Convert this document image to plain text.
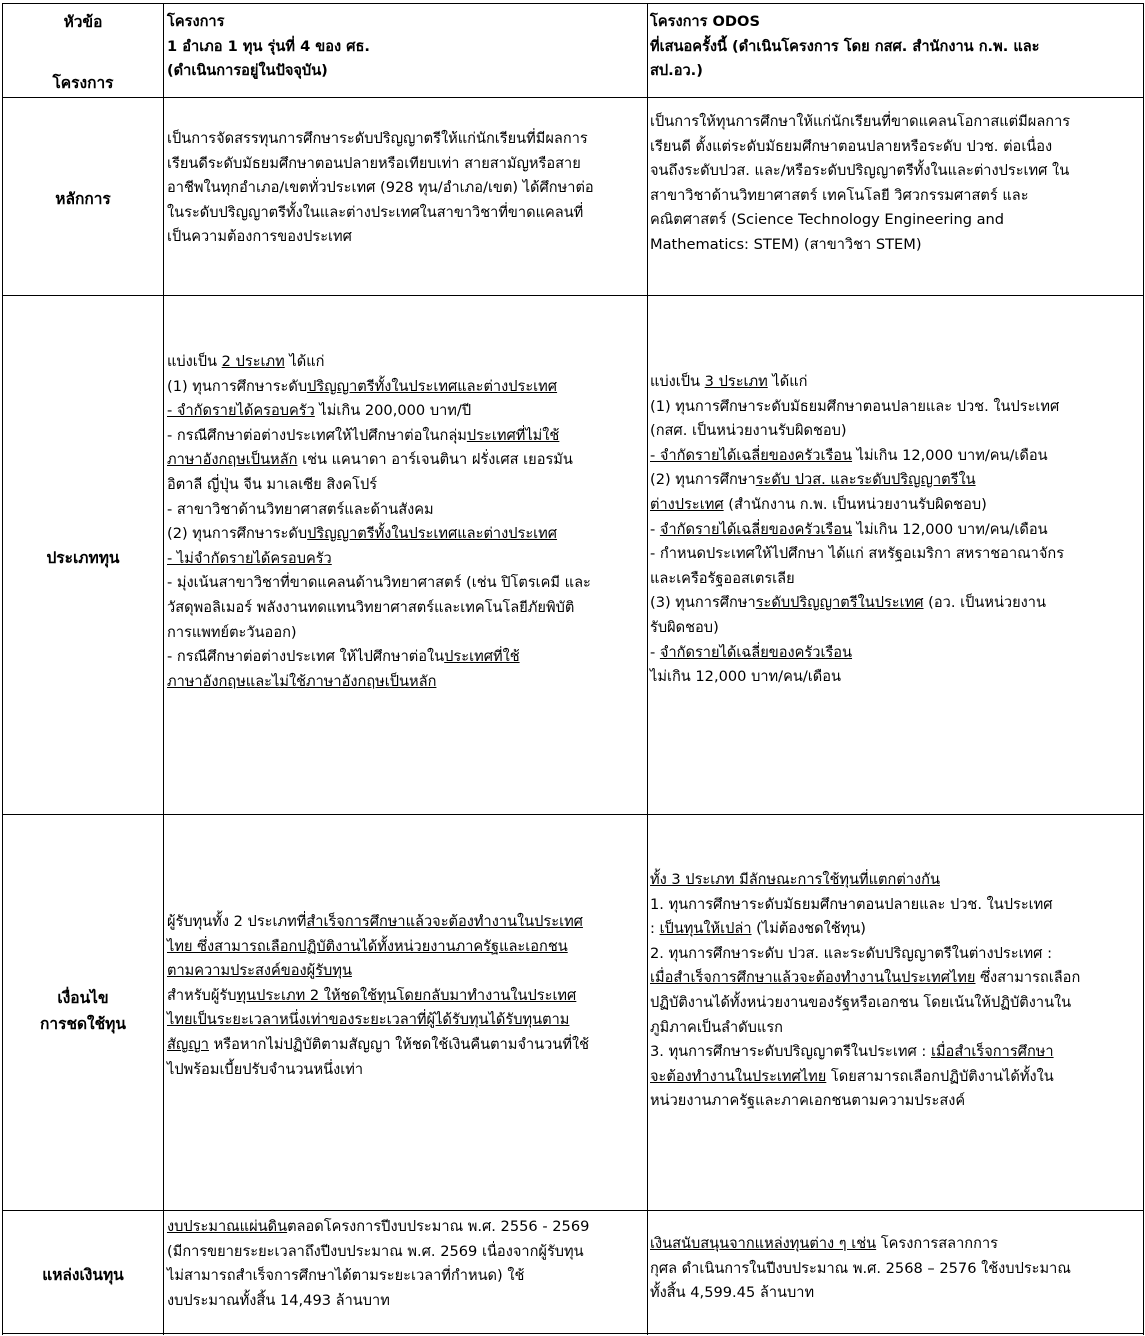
หัวข้อ
โครงการ
โครงการ
1 อำเภอ 1 ทุน รุ่นที่ 4 ของ ศธ.
(ดำเนินการอยู่ในปัจจุบัน)
โครงการ ODOS
ที่เสนอครั้งนี้ (ดำเนินโครงการ โดย กสศ. สำนักงาน ก.พ. และ
สป.อว.)
หลักการ
เป็นการจัดสรรทุนการศึกษาระดับปริญญาตรีให้แก่นักเรียนที่มีผลการ
เรียนดีระดับมัธยมศึกษาตอนปลายหรือเทียบเท่า สายสามัญหรือสาย
อาชีพในทุกอำเภอ/เขตทั่วประเทศ (928 ทุน/อำเภอ/เขต) ได้ศึกษาต่อ
ในระดับปริญญาตรีทั้งในและต่างประเทศในสาขาวิชาที่ขาดแคลนที่
เป็นความต้องการของประเทศ
เป็นการให้ทุนการศึกษาให้แก่นักเรียนที่ขาดแคลนโอกาสแต่มีผลการ
เรียนดี ตั้งแต่ระดับมัธยมศึกษาตอนปลายหรือระดับ ปวช. ต่อเนื่อง
จนถึงระดับปวส. และ/หรือระดับปริญญาตรีทั้งในและต่างประเทศ ใน
สาขาวิชาด้านวิทยาศาสตร์ เทคโนโลยี วิศวกรรมศาสตร์ และ
คณิตศาสตร์ (Science Technology Engineering and
Mathematics: STEM) (สาขาวิชา STEM)
ประเภททุน
แบ่งเป็น 2 ประเภท ได้แก่
(1) ทุนการศึกษาระดับปริญญาตรีทั้งในประเทศและต่างประเทศ
- จำกัดรายได้ครอบครัว ไม่เกิน 200,000 บาท/ปี
- กรณีศึกษาต่อต่างประเทศให้ไปศึกษาต่อในกลุ่มประเทศที่ไม่ใช้
ภาษาอังกฤษเป็นหลัก เช่น แคนาดา อาร์เจนตินา ฝรั่งเศส เยอรมัน
อิตาลี ญี่ปุ่น จีน มาเลเซีย สิงคโปร์
- สาขาวิชาด้านวิทยาศาสตร์และด้านสังคม
(2) ทุนการศึกษาระดับปริญญาตรีทั้งในประเทศและต่างประเทศ
- ไม่จำกัดรายได้ครอบครัว
- มุ่งเน้นสาขาวิชาที่ขาดแคลนด้านวิทยาศาสตร์ (เช่น ปิโตรเคมี และ
วัสดุพอลิเมอร์ พลังงานทดแทนวิทยาศาสตร์และเทคโนโลยีภัยพิบัติ
การแพทย์ตะวันออก)
- กรณีศึกษาต่อต่างประเทศ ให้ไปศึกษาต่อในประเทศที่ใช้
ภาษาอังกฤษและไม่ใช้ภาษาอังกฤษเป็นหลัก
แบ่งเป็น 3 ประเภท ได้แก่
(1) ทุนการศึกษาระดับมัธยมศึกษาตอนปลายและ ปวช. ในประเทศ
(กสศ. เป็นหน่วยงานรับผิดชอบ)
- จำกัดรายได้เฉลี่ยของครัวเรือน ไม่เกิน 12,000 บาท/คน/เดือน
(2) ทุนการศึกษาระดับ ปวส. และระดับปริญญาตรีใน
ต่างประเทศ (สำนักงาน ก.พ. เป็นหน่วยงานรับผิดชอบ)
- จำกัดรายได้เฉลี่ยของครัวเรือน ไม่เกิน 12,000 บาท/คน/เดือน
- กำหนดประเทศให้ไปศึกษา ได้แก่ สหรัฐอเมริกา สหราชอาณาจักร
และเครือรัฐออสเตรเลีย
(3) ทุนการศึกษาระดับปริญญาตรีในประเทศ (อว. เป็นหน่วยงาน
รับผิดชอบ)
- จำกัดรายได้เฉลี่ยของครัวเรือน
ไม่เกิน 12,000 บาท/คน/เดือน
เงื่อนไข
การชดใช้ทุน
ผู้รับทุนทั้ง 2 ประเภทที่สำเร็จการศึกษาแล้วจะต้องทำงานในประเทศ
ไทย ซึ่งสามารถเลือกปฏิบัติงานได้ทั้งหน่วยงานภาครัฐและเอกชน
ตามความประสงค์ของผู้รับทุน
สำหรับผู้รับทุนประเภท 2 ให้ชดใช้ทุนโดยกลับมาทำงานในประเทศ
ไทยเป็นระยะเวลาหนึ่งเท่าของระยะเวลาที่ผู้ได้รับทุนได้รับทุนตาม
สัญญา หรือหากไม่ปฏิบัติตามสัญญา ให้ชดใช้เงินคืนตามจำนวนที่ใช้
ไปพร้อมเบี้ยปรับจำนวนหนึ่งเท่า
ทั้ง 3 ประเภท มีลักษณะการใช้ทุนที่แตกต่างกัน
1. ทุนการศึกษาระดับมัธยมศึกษาตอนปลายและ ปวช. ในประเทศ
: เป็นทุนให้เปล่า (ไม่ต้องชดใช้ทุน)
2. ทุนการศึกษาระดับ ปวส. และระดับปริญญาตรีในต่างประเทศ :
เมื่อสำเร็จการศึกษาแล้วจะต้องทำงานในประเทศไทย ซึ่งสามารถเลือก
ปฏิบัติงานได้ทั้งหน่วยงานของรัฐหรือเอกชน โดยเน้นให้ปฏิบัติงานใน
ภูมิภาคเป็นลำดับแรก
3. ทุนการศึกษาระดับปริญญาตรีในประเทศ : เมื่อสำเร็จการศึกษา
จะต้องทำงานในประเทศไทย โดยสามารถเลือกปฏิบัติงานได้ทั้งใน
หน่วยงานภาครัฐและภาคเอกชนตามความประสงค์
แหล่งเงินทุน
งบประมาณแผ่นดินตลอดโครงการปีงบประมาณ พ.ศ. 2556 - 2569
(มีการขยายระยะเวลาถึงปีงบประมาณ พ.ศ. 2569 เนื่องจากผู้รับทุน
ไม่สามารถสำเร็จการศึกษาได้ตามระยะเวลาที่กำหนด) ใช้
งบประมาณทั้งสิ้น 14,493 ล้านบาท
เงินสนับสนุนจากแหล่งทุนต่าง ๆ เช่น โครงการสลากการ
กุศล ดำเนินการในปีงบประมาณ พ.ศ. 2568 – 2576 ใช้งบประมาณ
ทั้งสิ้น 4,599.45 ล้านบาท
